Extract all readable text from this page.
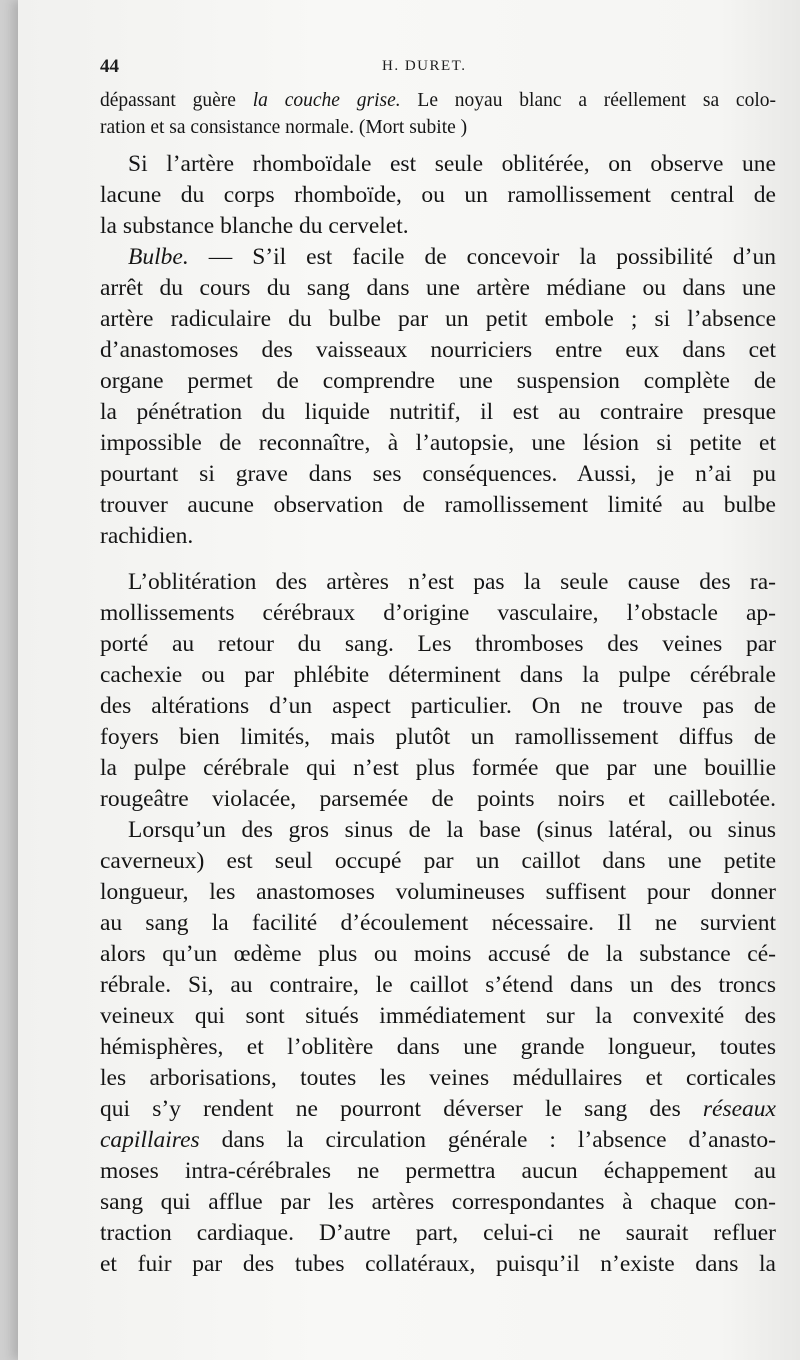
44	H. DURET.
dépassant guère la couche grise. Le noyau blanc a réellement sa colo-
ration et sa consistance normale. (Mort subite )
Si l’artère rhomboïdale est seule oblitérée, on observe une
lacune du corps rhomboïde, ou un ramollissement central de
la substance blanche du cervelet.
Bulbe. — S’il est facile de concevoir la possibilité d’un
arrêt du cours du sang dans une artère médiane ou dans une
artère radiculaire du bulbe par un petit embole ; si l’absence
d’anastomoses des vaisseaux nourriciers entre eux dans cet
organe permet de comprendre une suspension complète de
la pénétration du liquide nutritif, il est au contraire presque
impossible de reconnaître, à l’autopsie, une lésion si petite et
pourtant si grave dans ses conséquences. Aussi, je n’ai pu
trouver aucune observation de ramollissement limité au bulbe
rachidien.
L’oblitération des artères n’est pas la seule cause des ra-
mollissements cérébraux d’origine vasculaire, l’obstacle ap-
porté au retour du sang. Les thromboses des veines par
cachexie ou par phlébite déterminent dans la pulpe cérébrale
des altérations d’un aspect particulier. On ne trouve pas de
foyers bien limités, mais plutôt un ramollissement diffus de
la pulpe cérébrale qui n’est plus formée que par une bouillie
rougeâtre violacée, parsemée de points noirs et caillebotée.
Lorsqu’un des gros sinus de la base (sinus latéral, ou sinus
caverneux) est seul occupé par un caillot dans une petite
longueur, les anastomoses volumineuses suffisent pour donner
au sang la facilité d’écoulement nécessaire. Il ne survient
alors qu’un œdème plus ou moins accusé de la substance cé-
rébrale. Si, au contraire, le caillot s’étend dans un des troncs
veineux qui sont situés immédiatement sur la convexité des
hémisphères, et l’oblitère dans une grande longueur, toutes
les arborisations, toutes les veines médullaires et corticales
qui s’y rendent ne pourront déverser le sang des réseaux
capillaires dans la circulation générale : l’absence d’anasto-
moses intra-cérébrales ne permettra aucun échappement au
sang qui afflue par les artères correspondantes à chaque con-
traction cardiaque. D’autre part, celui-ci ne saurait refluer
et fuir par des tubes collatéraux, puisqu’il n’existe dans la
